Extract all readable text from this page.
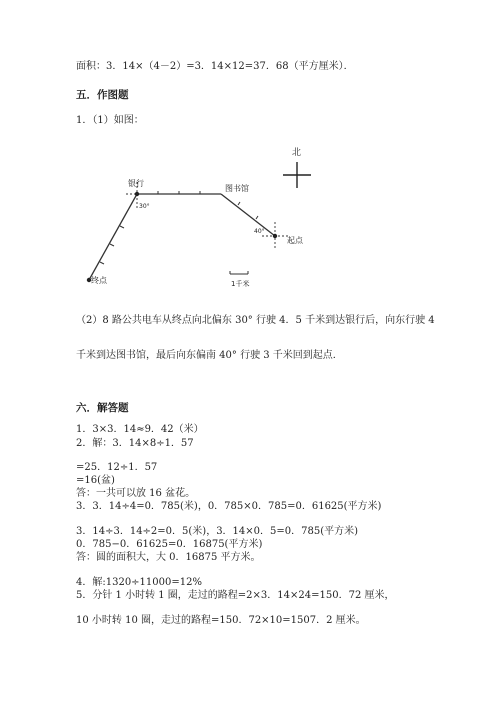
面积：3．14×（4－2）=3．14×12=37．68（平方厘米）．
五．作图题
1．（1）如图：
北
银行
图书馆
起点
终点
30°
40°
1千米
（2）8 路公共电车从终点向北偏东 30° 行驶 4．5 千米到达银行后，向东行驶 4
千米到达图书馆，最后向东偏南 40° 行驶 3 千米回到起点．
六．解答题
1．3×3．14≈9．42（米）
2．解：3．14×8÷1．57
=25．12÷1．57
=16(盆)
答：一共可以放 16 盆花。
3．3．14÷4=0．785(米)，0．785×0．785=0．61625(平方米)
3．14÷3．14÷2=0．5(米)，3．14×0．5=0．785(平方米)
0．785−0．61625=0．16875(平方米)
答：圆的面积大，大 0．16875 平方米。
4．解:1320÷11000=12%
5．分针 1 小时转 1 圈，走过的路程=2×3．14×24=150．72 厘米，
10 小时转 10 圈，走过的路程=150．72×10=1507．2 厘米。
